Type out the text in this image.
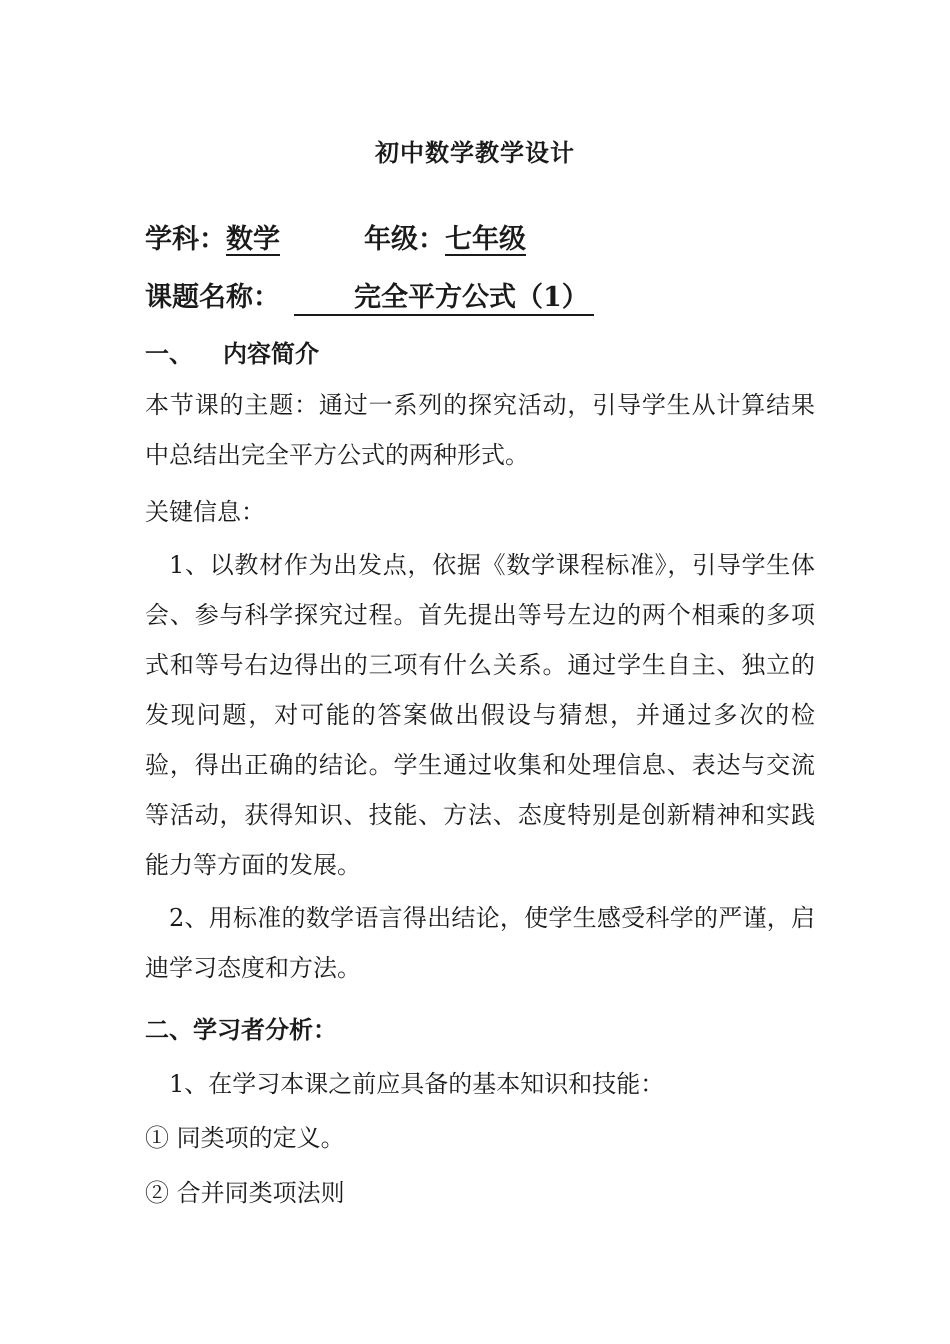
初中数学教学设计
学科：数学	年级：七年级
课题名称：	完全平方公式（1）
一、 内容简介
本节课的主题：通过一系列的探究活动，引导学生从计算结果中总结出完全平方公式的两种形式。
关键信息：
1、以教材作为出发点，依据《数学课程标准》，引导学生体会、参与科学探究过程。首先提出等号左边的两个相乘的多项式和等号右边得出的三项有什么关系。通过学生自主、独立的发现问题，对可能的答案做出假设与猜想，并通过多次的检验，得出正确的结论。学生通过收集和处理信息、表达与交流等活动，获得知识、技能、方法、态度特别是创新精神和实践能力等方面的发展。
2、用标准的数学语言得出结论，使学生感受科学的严谨，启迪学习态度和方法。
二、学习者分析：
1、在学习本课之前应具备的基本知识和技能：
① 同类项的定义。
② 合并同类项法则
